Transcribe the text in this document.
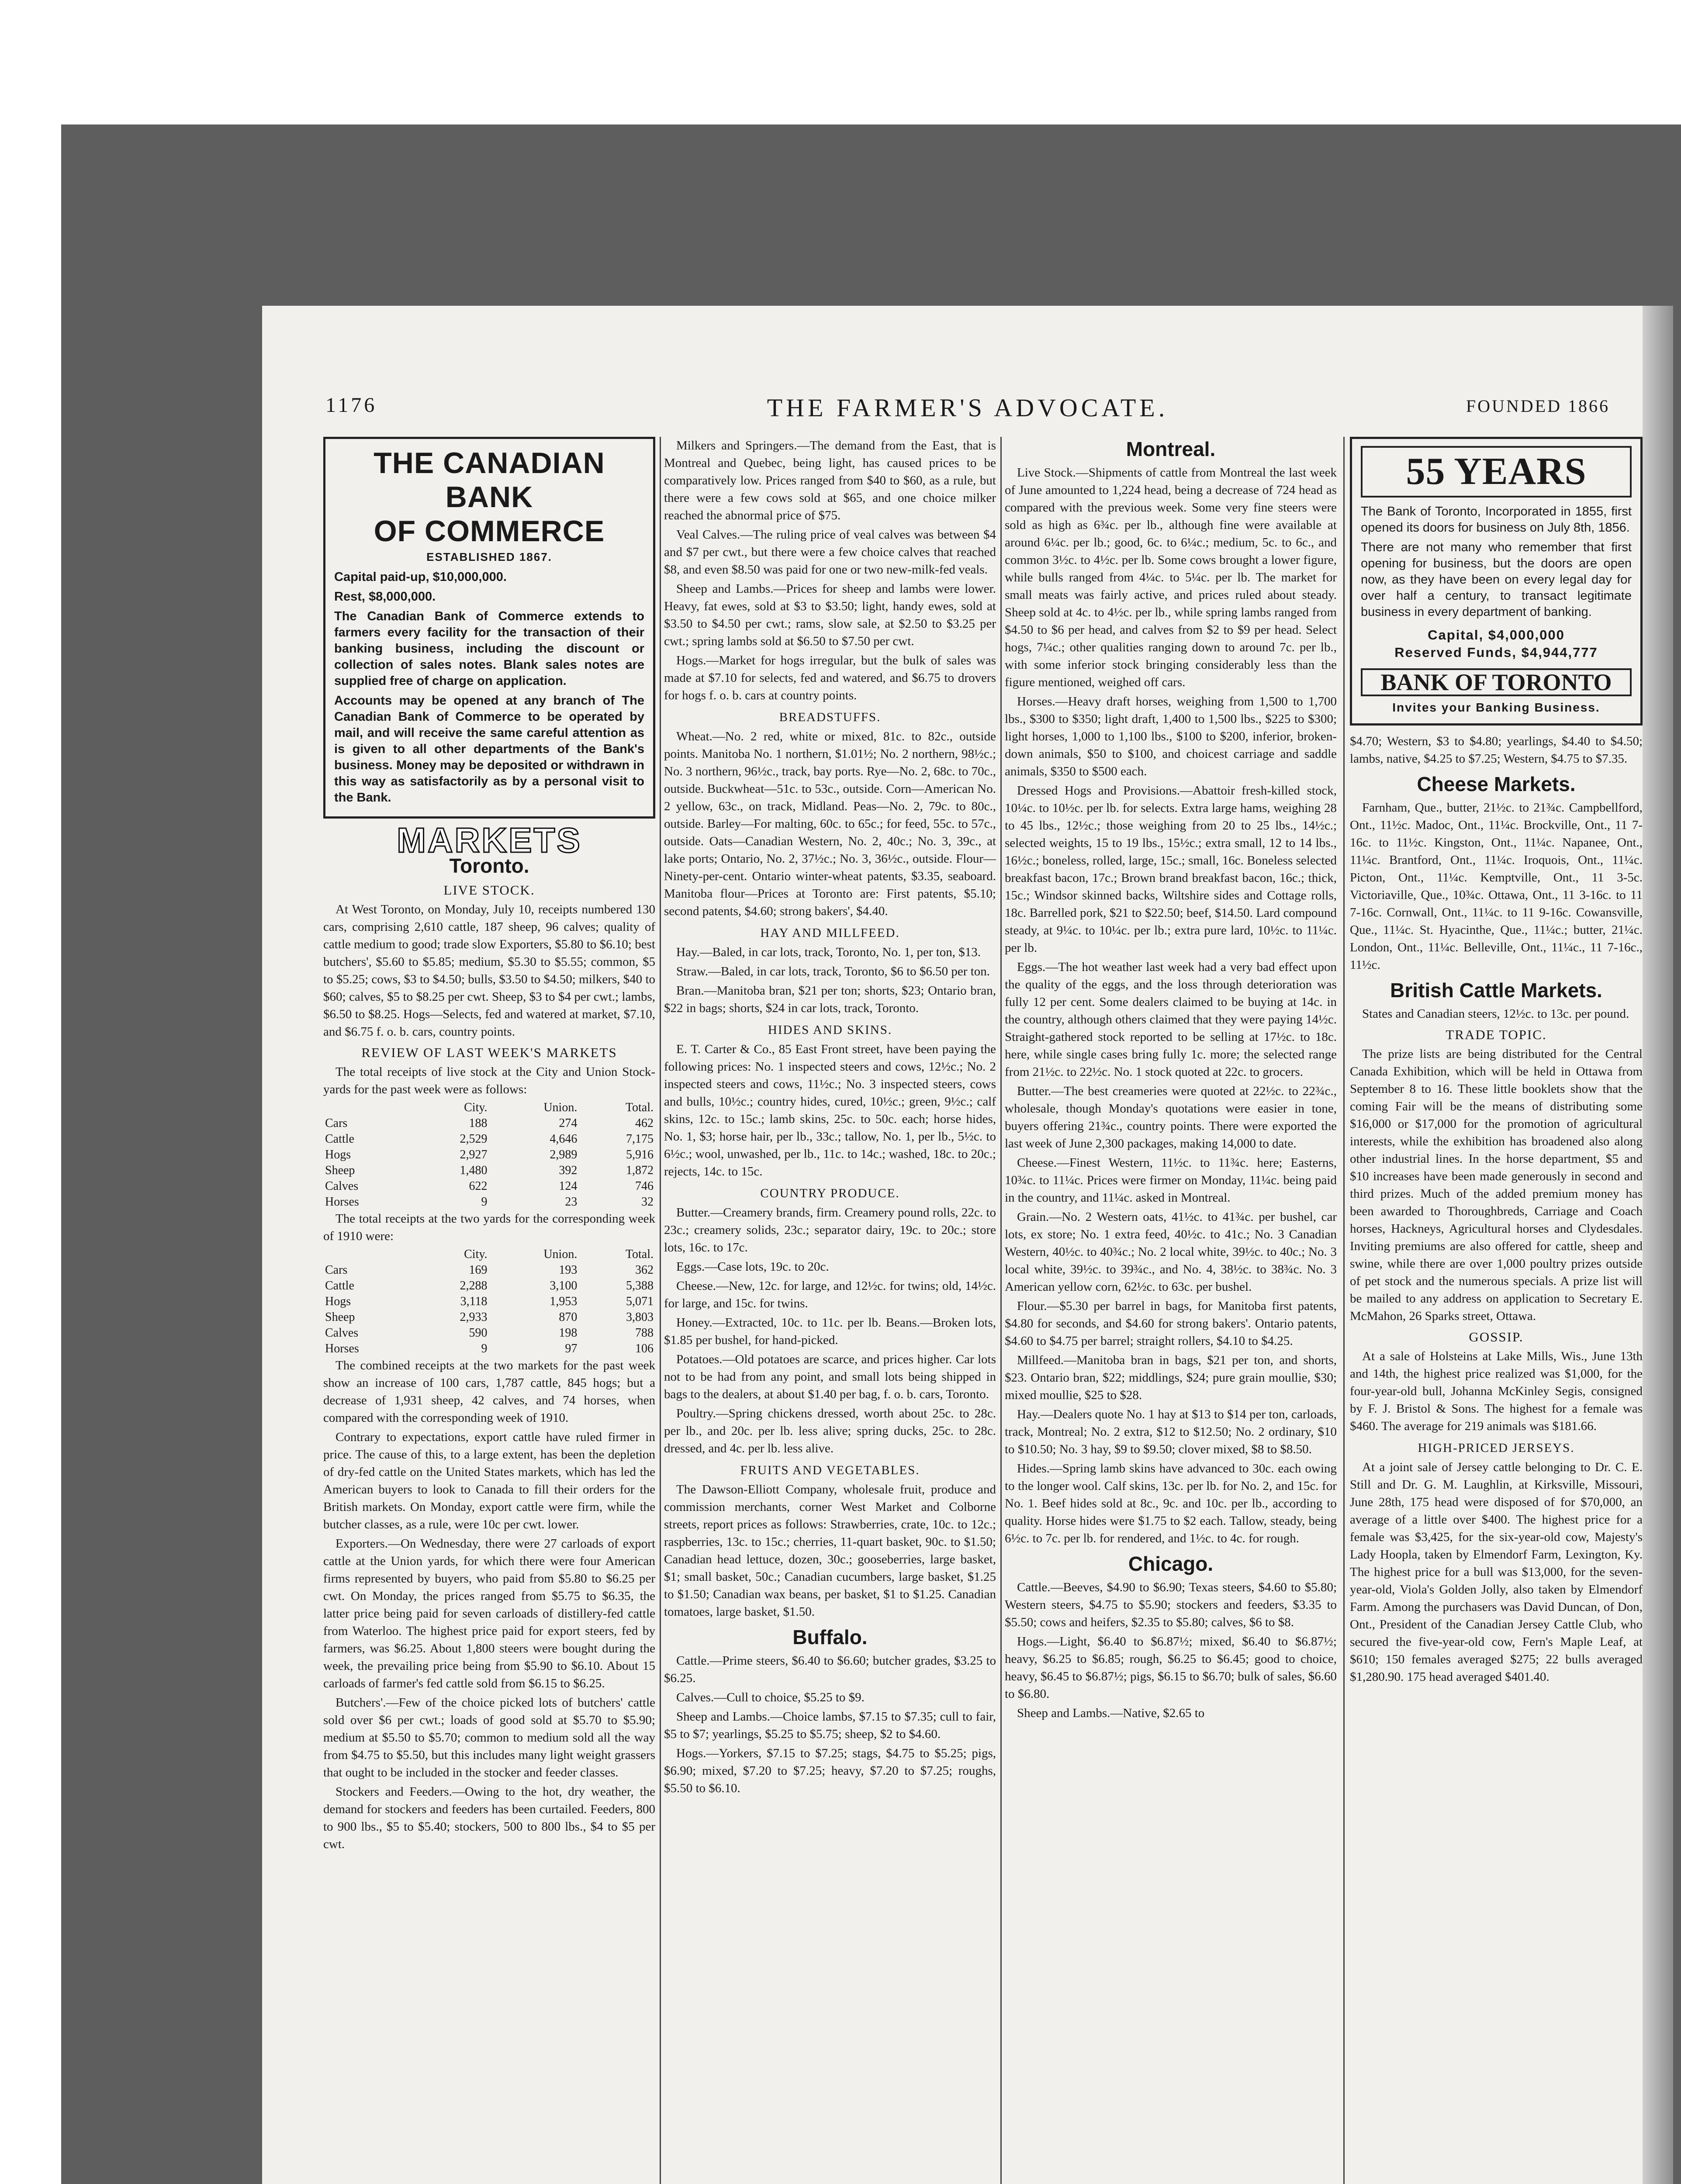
1176	THE FARMER'S ADVOCATE.	FOUNDED 1866
THE CANADIAN BANK
OF COMMERCE
ESTABLISHED 1867.

Capital paid-up, $10,000,000.

Rest, $8,000,000.

The Canadian Bank of Commerce extends to farmers every facility for the transaction of their banking business, including the discount or collection of sales notes. Blank sales notes are supplied free of charge on application.

Accounts may be opened at any branch of The Canadian Bank of Commerce to be operated by mail, and will receive the same careful attention as is given to all other departments of the Bank's business. Money may be deposited or withdrawn in this way as satisfactorily as by a personal visit to the Bank.

MARKETS
Toronto.
LIVE STOCK.

At West Toronto, on Monday, July 10, receipts numbered 130 cars, comprising 2,610 cattle, 187 sheep, 96 calves; quality of cattle medium to good; trade slow Exporters, $5.80 to $6.10; best butchers', $5.60 to $5.85; medium, $5.30 to $5.55; common, $5 to $5.25; cows, $3 to $4.50; bulls, $3.50 to $4.50; milkers, $40 to $60; calves, $5 to $8.25 per cwt. Sheep, $3 to $4 per cwt.; lambs, $6.50 to $8.25. Hogs—Selects, fed and watered at market, $7.10, and $6.75 f. o. b. cars, country points.

REVIEW OF LAST WEEK'S MARKETS

The total receipts of live stock at the City and Union Stock-yards for the past week were as follows:

	City.	Union.	Total.
Cars	188	274	462
Cattle	2,529	4,646	7,175
Hogs	2,927	2,989	5,916
Sheep	1,480	392	1,872
Calves	622	124	746
Horses	9	23	32

The total receipts at the two yards for the corresponding week of 1910 were:

	City.	Union.	Total.
Cars	169	193	362
Cattle	2,288	3,100	5,388
Hogs	3,118	1,953	5,071
Sheep	2,933	870	3,803
Calves	590	198	788
Horses	9	97	106

The combined receipts at the two markets for the past week show an increase of 100 cars, 1,787 cattle, 845 hogs; but a decrease of 1,931 sheep, 42 calves, and 74 horses, when compared with the corresponding week of 1910.

Contrary to expectations, export cattle have ruled firmer in price. The cause of this, to a large extent, has been the depletion of dry-fed cattle on the United States markets, which has led the American buyers to look to Canada to fill their orders for the British markets. On Monday, export cattle were firm, while the butcher classes, as a rule, were 10c per cwt. lower.

Exporters.—On Wednesday, there were 27 carloads of export cattle at the Union yards, for which there were four American firms represented by buyers, who paid from $5.80 to $6.25 per cwt. On Monday, the prices ranged from $5.75 to $6.35, the latter price being paid for seven carloads of distillery-fed cattle from Waterloo. The highest price paid for export steers, fed by farmers, was $6.25. About 1,800 steers were bought during the week, the prevailing price being from $5.90 to $6.10. About 15 carloads of farmer's fed cattle sold from $6.15 to $6.25.

Butchers'.—Few of the choice picked lots of butchers' cattle sold over $6 per cwt.; loads of good sold at $5.70 to $5.90; medium at $5.50 to $5.70; common to medium sold all the way from $4.75 to $5.50, but this includes many light weight grassers that ought to be included in the stocker and feeder classes.

Stockers and Feeders.—Owing to the hot, dry weather, the demand for stockers and feeders has been curtailed. Feeders, 800 to 900 lbs., $5 to $5.40; stockers, 500 to 800 lbs., $4 to $5 per cwt.

Milkers and Springers.—The demand from the East, that is Montreal and Quebec, being light, has caused prices to be comparatively low. Prices ranged from $40 to $60, as a rule, but there were a few cows sold at $65, and one choice milker reached the abnormal price of $75.

Veal Calves.—The ruling price of veal calves was between $4 and $7 per cwt., but there were a few choice calves that reached $8, and even $8.50 was paid for one or two new-milk-fed veals.

Sheep and Lambs.—Prices for sheep and lambs were lower. Heavy, fat ewes, sold at $3 to $3.50; light, handy ewes, sold at $3.50 to $4.50 per cwt.; rams, slow sale, at $2.50 to $3.25 per cwt.; spring lambs sold at $6.50 to $7.50 per cwt.

Hogs.—Market for hogs irregular, but the bulk of sales was made at $7.10 for selects, fed and watered, and $6.75 to drovers for hogs f. o. b. cars at country points.

BREADSTUFFS.

Wheat.—No. 2 red, white or mixed, 81c. to 82c., outside points. Manitoba No. 1 northern, $1.01½; No. 2 northern, 98½c.; No. 3 northern, 96½c., track, bay ports. Rye—No. 2, 68c. to 70c., outside. Buckwheat—51c. to 53c., outside. Corn—American No. 2 yellow, 63c., on track, Midland. Peas—No. 2, 79c. to 80c., outside. Barley—For malting, 60c. to 65c.; for feed, 55c. to 57c., outside. Oats—Canadian Western, No. 2, 40c.; No. 3, 39c., at lake ports; Ontario, No. 2, 37½c.; No. 3, 36½c., outside. Flour—Ninety-per-cent. Ontario winter-wheat patents, $3.35, seaboard. Manitoba flour—Prices at Toronto are: First patents, $5.10; second patents, $4.60; strong bakers', $4.40.

HAY AND MILLFEED.

Hay.—Baled, in car lots, track, Toronto, No. 1, per ton, $13.

Straw.—Baled, in car lots, track, Toronto, $6 to $6.50 per ton.

Bran.—Manitoba bran, $21 per ton; shorts, $23; Ontario bran, $22 in bags; shorts, $24 in car lots, track, Toronto.

HIDES AND SKINS.

E. T. Carter & Co., 85 East Front street, have been paying the following prices: No. 1 inspected steers and cows, 12½c.; No. 2 inspected steers and cows, 11½c.; No. 3 inspected steers, cows and bulls, 10½c.; country hides, cured, 10½c.; green, 9½c.; calf skins, 12c. to 15c.; lamb skins, 25c. to 50c. each; horse hides, No. 1, $3; horse hair, per lb., 33c.; tallow, No. 1, per lb., 5½c. to 6½c.; wool, unwashed, per lb., 11c. to 14c.; washed, 18c. to 20c.; rejects, 14c. to 15c.

COUNTRY PRODUCE.

Butter.—Creamery brands, firm. Creamery pound rolls, 22c. to 23c.; creamery solids, 23c.; separator dairy, 19c. to 20c.; store lots, 16c. to 17c.

Eggs.—Case lots, 19c. to 20c.

Cheese.—New, 12c. for large, and 12½c. for twins; old, 14½c. for large, and 15c. for twins.

Honey.—Extracted, 10c. to 11c. per lb. Beans.—Broken lots, $1.85 per bushel, for hand-picked.

Potatoes.—Old potatoes are scarce, and prices higher. Car lots not to be had from any point, and small lots being shipped in bags to the dealers, at about $1.40 per bag, f. o. b. cars, Toronto.

Poultry.—Spring chickens dressed, worth about 25c. to 28c. per lb., and 20c. per lb. less alive; spring ducks, 25c. to 28c. dressed, and 4c. per lb. less alive.

FRUITS AND VEGETABLES.

The Dawson-Elliott Company, wholesale fruit, produce and commission merchants, corner West Market and Colborne streets, report prices as follows: Strawberries, crate, 10c. to 12c.; raspberries, 13c. to 15c.; cherries, 11-quart basket, 90c. to $1.50; Canadian head lettuce, dozen, 30c.; gooseberries, large basket, $1; small basket, 50c.; Canadian cucumbers, large basket, $1.25 to $1.50; Canadian wax beans, per basket, $1 to $1.25. Canadian tomatoes, large basket, $1.50.

Buffalo.

Cattle.—Prime steers, $6.40 to $6.60; butcher grades, $3.25 to $6.25.

Calves.—Cull to choice, $5.25 to $9.

Sheep and Lambs.—Choice lambs, $7.15 to $7.35; cull to fair, $5 to $7; yearlings, $5.25 to $5.75; sheep, $2 to $4.60.

Hogs.—Yorkers, $7.15 to $7.25; stags, $4.75 to $5.25; pigs, $6.90; mixed, $7.20 to $7.25; heavy, $7.20 to $7.25; roughs, $5.50 to $6.10.

Montreal.

Live Stock.—Shipments of cattle from Montreal the last week of June amounted to 1,224 head, being a decrease of 724 head as compared with the previous week. Some very fine steers were sold as high as 6¾c. per lb., although fine were available at around 6¼c. per lb.; good, 6c. to 6¼c.; medium, 5c. to 6c., and common 3½c. to 4½c. per lb. Some cows brought a lower figure, while bulls ranged from 4¼c. to 5¼c. per lb. The market for small meats was fairly active, and prices ruled about steady. Sheep sold at 4c. to 4½c. per lb., while spring lambs ranged from $4.50 to $6 per head, and calves from $2 to $9 per head. Select hogs, 7¼c.; other qualities ranging down to around 7c. per lb., with some inferior stock bringing considerably less than the figure mentioned, weighed off cars.

Horses.—Heavy draft horses, weighing from 1,500 to 1,700 lbs., $300 to $350; light draft, 1,400 to 1,500 lbs., $225 to $300; light horses, 1,000 to 1,100 lbs., $100 to $200, inferior, broken-down animals, $50 to $100, and choicest carriage and saddle animals, $350 to $500 each.

Dressed Hogs and Provisions.—Abattoir fresh-killed stock, 10¼c. to 10½c. per lb. for selects. Extra large hams, weighing 28 to 45 lbs., 12½c.; those weighing from 20 to 25 lbs., 14½c.; selected weights, 15 to 19 lbs., 15½c.; extra small, 12 to 14 lbs., 16½c.; boneless, rolled, large, 15c.; small, 16c. Boneless selected breakfast bacon, 17c.; Brown brand breakfast bacon, 16c.; thick, 15c.; Windsor skinned backs, Wiltshire sides and Cottage rolls, 18c. Barrelled pork, $21 to $22.50; beef, $14.50. Lard compound steady, at 9¼c. to 10¼c. per lb.; extra pure lard, 10½c. to 11¼c. per lb.

Eggs.—The hot weather last week had a very bad effect upon the quality of the eggs, and the loss through deterioration was fully 12 per cent. Some dealers claimed to be buying at 14c. in the country, although others claimed that they were paying 14½c. Straight-gathered stock reported to be selling at 17½c. to 18c. here, while single cases bring fully 1c. more; the selected range from 21½c. to 22½c. No. 1 stock quoted at 22c. to grocers.

Butter.—The best creameries were quoted at 22½c. to 22¾c., wholesale, though Monday's quotations were easier in tone, buyers offering 21¾c., country points. There were exported the last week of June 2,300 packages, making 14,000 to date.

Cheese.—Finest Western, 11½c. to 11¾c. here; Easterns, 10¾c. to 11¼c. Prices were firmer on Monday, 11¼c. being paid in the country, and 11¼c. asked in Montreal.

Grain.—No. 2 Western oats, 41½c. to 41¾c. per bushel, car lots, ex store; No. 1 extra feed, 40½c. to 41c.; No. 3 Canadian Western, 40½c. to 40¾c.; No. 2 local white, 39½c. to 40c.; No. 3 local white, 39½c. to 39¾c., and No. 4, 38½c. to 38¾c. No. 3 American yellow corn, 62½c. to 63c. per bushel.

Flour.—$5.30 per barrel in bags, for Manitoba first patents, $4.80 for seconds, and $4.60 for strong bakers'. Ontario patents, $4.60 to $4.75 per barrel; straight rollers, $4.10 to $4.25.

Millfeed.—Manitoba bran in bags, $21 per ton, and shorts, $23. Ontario bran, $22; middlings, $24; pure grain moullie, $30; mixed moullie, $25 to $28.

Hay.—Dealers quote No. 1 hay at $13 to $14 per ton, carloads, track, Montreal; No. 2 extra, $12 to $12.50; No. 2 ordinary, $10 to $10.50; No. 3 hay, $9 to $9.50; clover mixed, $8 to $8.50.

Hides.—Spring lamb skins have advanced to 30c. each owing to the longer wool. Calf skins, 13c. per lb. for No. 2, and 15c. for No. 1. Beef hides sold at 8c., 9c. and 10c. per lb., according to quality. Horse hides were $1.75 to $2 each. Tallow, steady, being 6½c. to 7c. per lb. for rendered, and 1½c. to 4c. for rough.

Chicago.

Cattle.—Beeves, $4.90 to $6.90; Texas steers, $4.60 to $5.80; Western steers, $4.75 to $5.90; stockers and feeders, $3.35 to $5.50; cows and heifers, $2.35 to $5.80; calves, $6 to $8.

Hogs.—Light, $6.40 to $6.87½; mixed, $6.40 to $6.87½; heavy, $6.25 to $6.85; rough, $6.25 to $6.45; good to choice, heavy, $6.45 to $6.87½; pigs, $6.15 to $6.70; bulk of sales, $6.60 to $6.80.

Sheep and Lambs.—Native, $2.65 to

55 YEARS

The Bank of Toronto, Incorporated in 1855, first opened its doors for business on July 8th, 1856.

There are not many who remember that first opening for business, but the doors are open now, as they have been on every legal day for over half a century, to transact legitimate business in every department of banking.

Capital, $4,000,000
Reserved Funds, $4,944,777
BANK OF TORONTO
Invites your Banking Business.

$4.70; Western, $3 to $4.80; yearlings, $4.40 to $4.50; lambs, native, $4.25 to $7.25; Western, $4.75 to $7.35.

Cheese Markets.

Farnham, Que., butter, 21½c. to 21¾c. Campbellford, Ont., 11½c. Madoc, Ont., 11¼c. Brockville, Ont., 11 7-16c. to 11½c. Kingston, Ont., 11¼c. Napanee, Ont., 11¼c. Brantford, Ont., 11¼c. Iroquois, Ont., 11¼c. Picton, Ont., 11¼c. Kemptville, Ont., 11 3-5c. Victoriaville, Que., 10¾c. Ottawa, Ont., 11 3-16c. to 11 7-16c. Cornwall, Ont., 11¼c. to 11 9-16c. Cowansville, Que., 11¼c. St. Hyacinthe, Que., 11¼c.; butter, 21¼c. London, Ont., 11¼c. Belleville, Ont., 11¼c., 11 7-16c., 11½c.

British Cattle Markets.

States and Canadian steers, 12½c. to 13c. per pound.

TRADE TOPIC.

The prize lists are being distributed for the Central Canada Exhibition, which will be held in Ottawa from September 8 to 16. These little booklets show that the coming Fair will be the means of distributing some $16,000 or $17,000 for the promotion of agricultural interests, while the exhibition has broadened also along other industrial lines. In the horse department, $5 and $10 increases have been made generously in second and third prizes. Much of the added premium money has been awarded to Thoroughbreds, Carriage and Coach horses, Hackneys, Agricultural horses and Clydesdales. Inviting premiums are also offered for cattle, sheep and swine, while there are over 1,000 poultry prizes outside of pet stock and the numerous specials. A prize list will be mailed to any address on application to Secretary E. McMahon, 26 Sparks street, Ottawa.

GOSSIP.

At a sale of Holsteins at Lake Mills, Wis., June 13th and 14th, the highest price realized was $1,000, for the four-year-old bull, Johanna McKinley Segis, consigned by F. J. Bristol & Sons. The highest for a female was $460. The average for 219 animals was $181.66.

HIGH-PRICED JERSEYS.

At a joint sale of Jersey cattle belonging to Dr. C. E. Still and Dr. G. M. Laughlin, at Kirksville, Missouri, June 28th, 175 head were disposed of for $70,000, an average of a little over $400. The highest price for a female was $3,425, for the six-year-old cow, Majesty's Lady Hoopla, taken by Elmendorf Farm, Lexington, Ky. The highest price for a bull was $13,000, for the seven-year-old, Viola's Golden Jolly, also taken by Elmendorf Farm. Among the purchasers was David Duncan, of Don, Ont., President of the Canadian Jersey Cattle Club, who secured the five-year-old cow, Fern's Maple Leaf, at $610; 150 females averaged $275; 22 bulls averaged $1,280.90. 175 head averaged $401.40.
